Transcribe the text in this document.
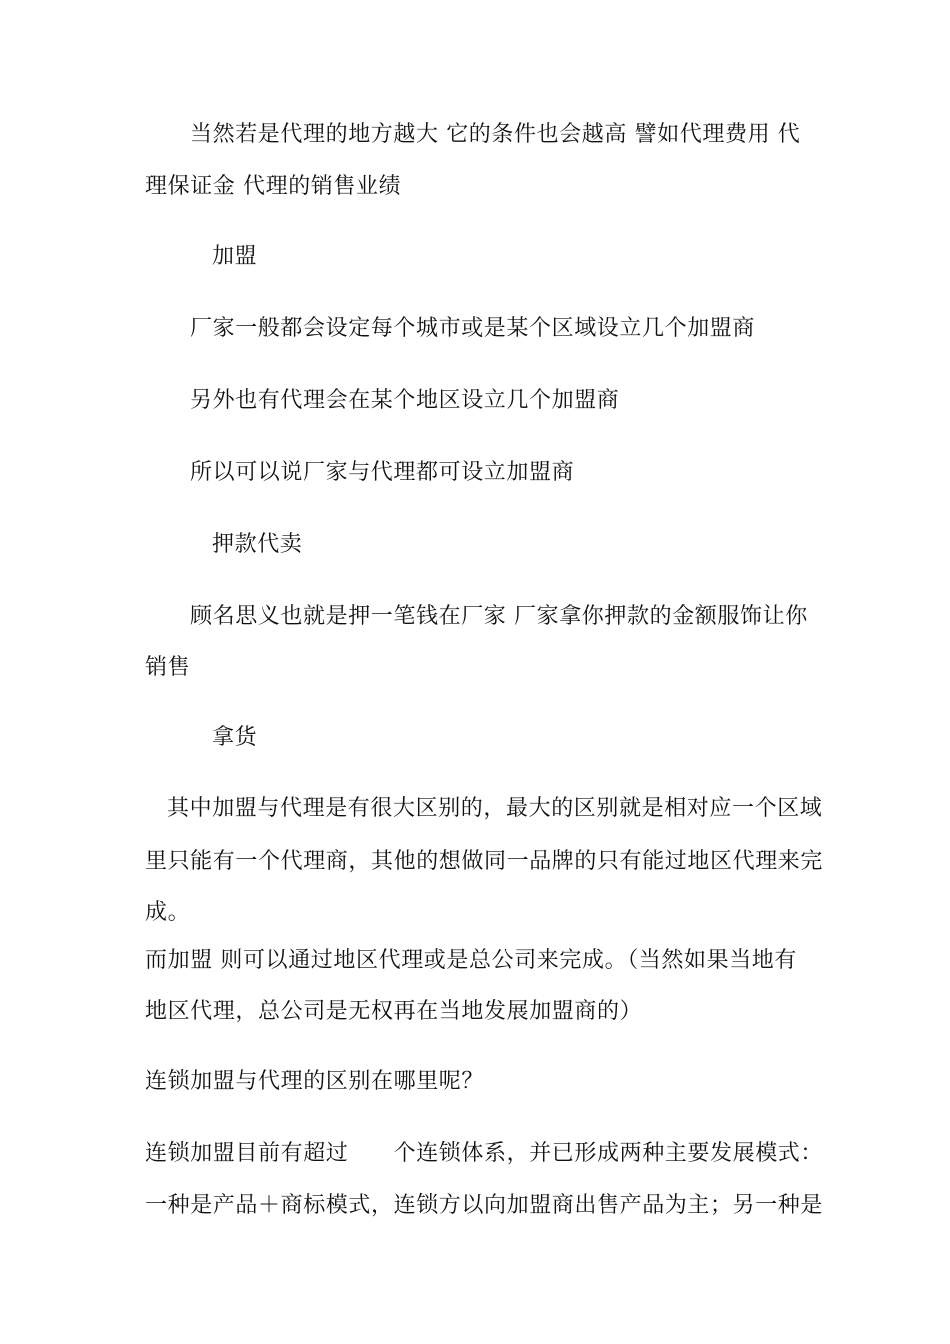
当然若是代理的地方越大 它的条件也会越高 譬如代理费用 代
理保证金 代理的销售业绩
加盟
厂家一般都会设定每个城市或是某个区域设立几个加盟商
另外也有代理会在某个地区设立几个加盟商
所以可以说厂家与代理都可设立加盟商
押款代卖
顾名思义也就是押一笔钱在厂家 厂家拿你押款的金额服饰让你
销售
拿货
其中加盟与代理是有很大区别的，最大的区别就是相对应一个区域
里只能有一个代理商，其他的想做同一品牌的只有能过地区代理来完
成。
而加盟 则可以通过地区代理或是总公司来完成。（当然如果当地有
地区代理，总公司是无权再在当地发展加盟商的）
连锁加盟与代理的区别在哪里呢？
连锁加盟目前有超过　　个连锁体系，并已形成两种主要发展模式：
一种是产品＋商标模式，连锁方以向加盟商出售产品为主；另一种是
